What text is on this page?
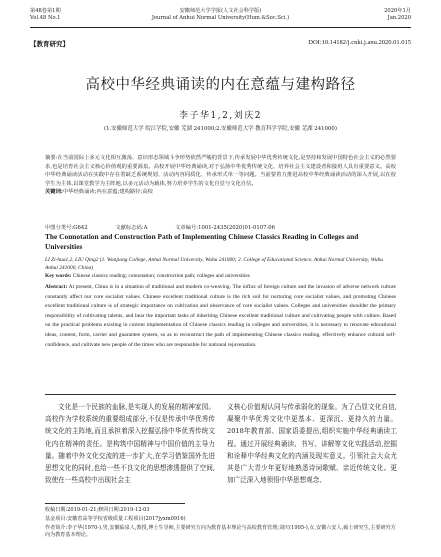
第48卷第1期
Vol.48 No.1
安徽师范大学学报(人文社会科学版)
Journal of Anhui Normal University(Hum.&Soc.Sci.)
2020年1月
Jan.2020
【教育研究】	DOI:10.14182/j.cnki.j.anu.2020.01.015
高校中华经典诵读的内在意蕴与建构路径
李子华1,2,刘庆2
(1.安徽师范大学 皖江学院,安徽 芜湖 241000;2.安徽师范大学 教育科学学院,安徽 芜湖 241000)
摘要:在当前国际上多元文化相互激荡、意识形态领域斗争形势依然严峻的背景下,传承发展中华优秀传统文化,是坚持和发展中国特色社会主义的必然要求,也是培育社会主义核心价值观的重要源泉。高校开展中华经典诵读,对于弘扬中华优秀传统文化、培养社会主义建设者和接班人具有重要意义。高校中华经典诵读活动在实践中存在着缺乏系统规划、活动内容同质化、传承形式单一等问题。当前要着力推进高校中华经典诵读活动的深入开展,以在校学生为主体,以课堂教学为主阵地,以多元活动为载体,努力培养学生的文化自觉与文化自信。
关键词:中华经典诵读;内在意蕴;建构路径;高校
中图分类号:G642	文献标志码:A	文章编号:1001-2435(2020)01-0107-06
The Connotation and Construction Path of Implementing Chinese Classics Reading in Colleges and Universities
LI Zi-hua1,2, LIU Qing2 (1. Wanjiang College, Anhui Normal University, Wuhu 241000; 2. College of Educational Science, Anhui Normal University, Wuhu Anhui 241000, China)
Key words: Chinese classics reading; connotation; construction path; colleges and universities
Abstract: At present, China is in a situation of traditional and modern co-weaving. The influx of foreign culture and the invasion of adverse network culture constantly affect our core socialist values. Chinese excellent traditional culture is the rich soil for nurturing core socialist values, and promoting Chinese excellent traditional culture is of strategic importance on cultivation and observance of core socialist values. Colleges and universities shoulder the primary responsibility of cultivating talents, and bear the important tasks of inheriting Chinese excellent traditional culture and cultivating people with culture. Based on the practical problems existing in current implementation of Chinese classics reading in colleges and universities, it is necessary to renovate educational ideas, content, form, carrier and guarantee system, so as to reconstruct the path of implementing Chinese classics reading, effectively enhance cultural self-confidence, and cultivate new people of the times who are responsible for national rejuvenation.
文化是一个民族的血脉,是实现人的发展的精神家园。高校作为学校系统的重要组成部分,不仅是传承中华优秀传统文化的主阵地,而且承担着深入挖掘弘扬中华优秀传统文化内在精神的责任。是构筑中国精神与中国价值的主导力量。随着中外文化交流的进一步扩大,在学习借鉴国外先进思想文化的同时,也给一些不良文化的思想渗透提供了空间,致使在一些高校中出现社会主
义核心价值观认同与传承弱化的现象。为了凸显文化自信,凝聚中华优秀文化中更基本、更深沉、更持久的力量。2018年教育部、国家语委提出,组织实施中华经典诵读工程。通过开展经典诵读、书写、讲解等文化实践活动,挖掘和诠释中华经典文化的内涵及现实意义。引领社会大众尤其是广大青少年更好地熟悉诗词歌赋、亲近传统文化。更加广泛深入地领悟中华思想观念、
收稿日期:2019-01-21;修回日期:2019-12-03
基金项目:安徽省高等学校省级质量工程项目(2017jyxm0916)
作者简介:李子华(1970-),男,安徽临泉人,教授,博士生导师,主要研究方向为教育基本理论与高校教育管理;刘庆(1995-),女,安徽六安人,硕士研究生,主要研究方向为教育基本理论。
